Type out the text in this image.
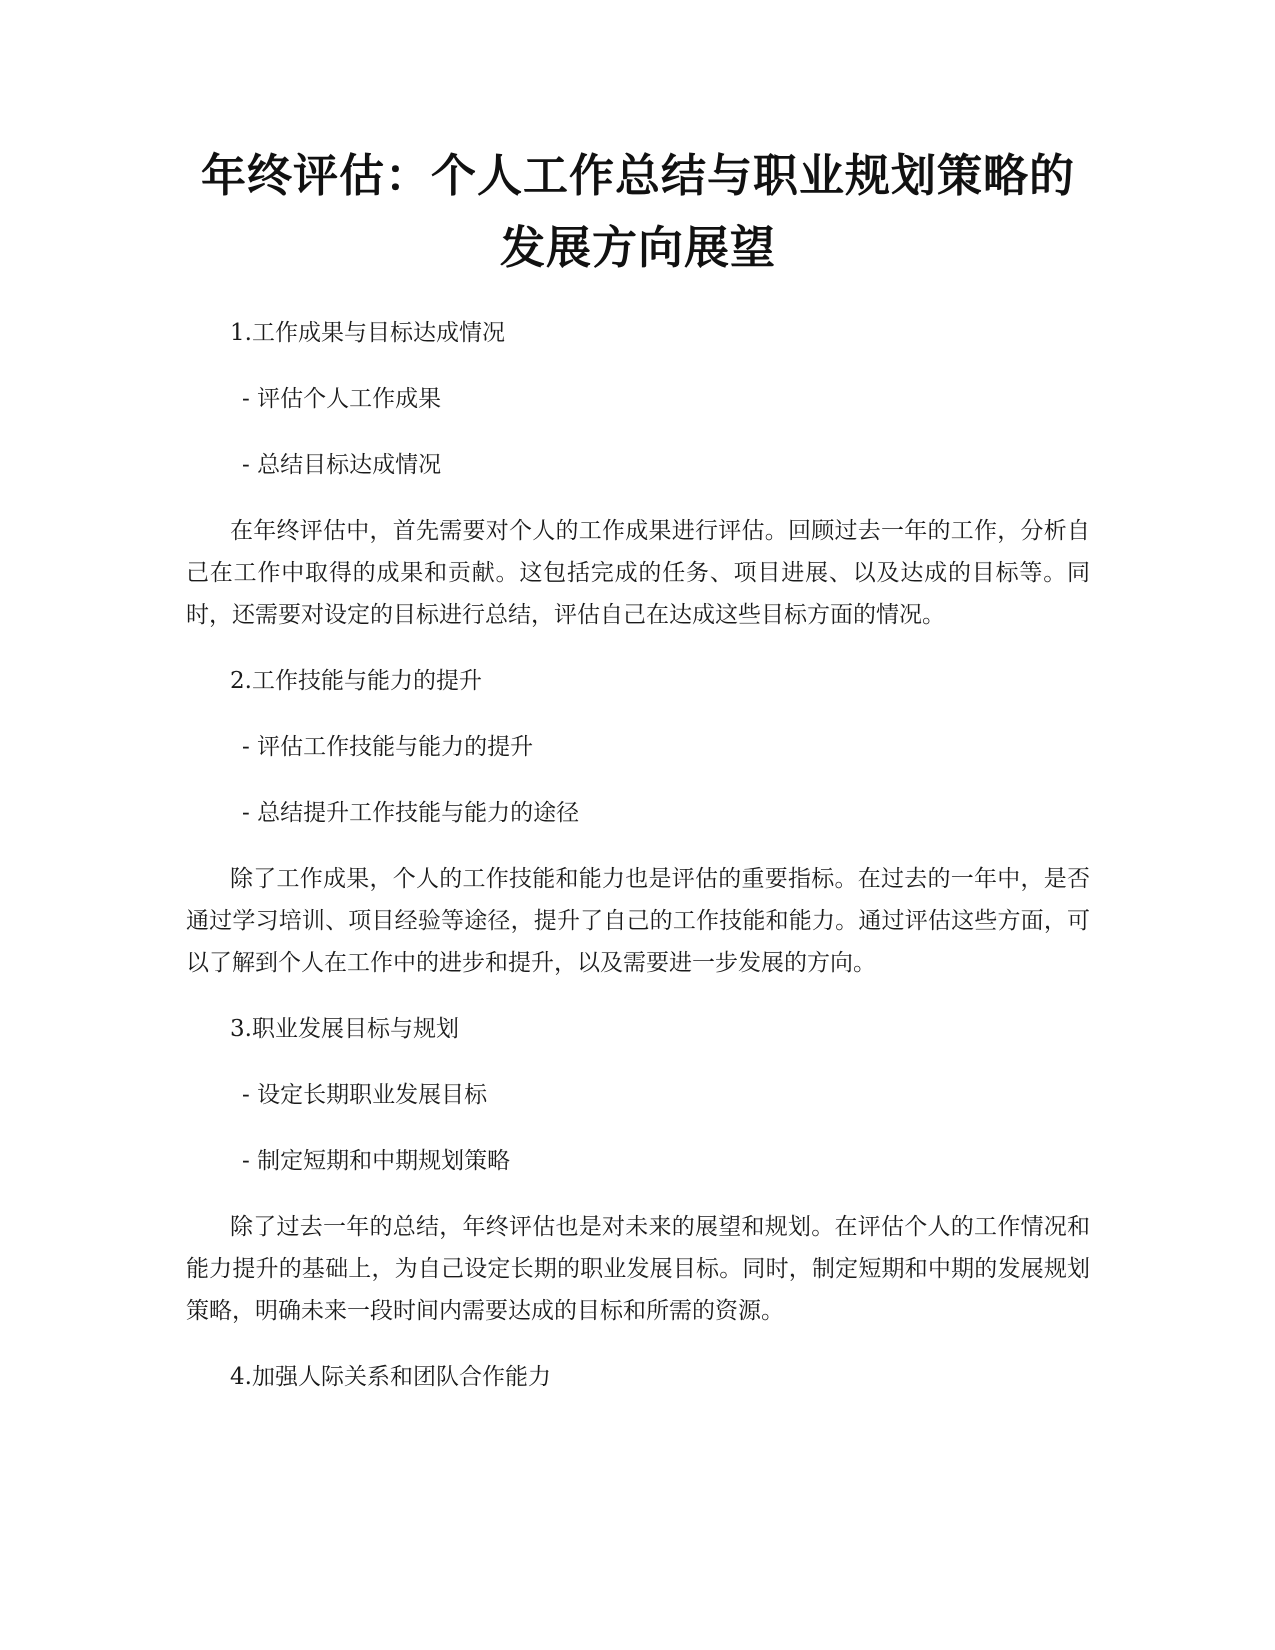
年终评估：个人工作总结与职业规划策略的
发展方向展望

1.工作成果与目标达成情况

- 评估个人工作成果

- 总结目标达成情况

在年终评估中，首先需要对个人的工作成果进行评估。回顾过去一年的工作，分析自己在工作中取得的成果和贡献。这包括完成的任务、项目进展、以及达成的目标等。同时，还需要对设定的目标进行总结，评估自己在达成这些目标方面的情况。

2.工作技能与能力的提升

- 评估工作技能与能力的提升

- 总结提升工作技能与能力的途径

除了工作成果，个人的工作技能和能力也是评估的重要指标。在过去的一年中，是否通过学习培训、项目经验等途径，提升了自己的工作技能和能力。通过评估这些方面，可以了解到个人在工作中的进步和提升，以及需要进一步发展的方向。

3.职业发展目标与规划

- 设定长期职业发展目标

- 制定短期和中期规划策略

除了过去一年的总结，年终评估也是对未来的展望和规划。在评估个人的工作情况和能力提升的基础上，为自己设定长期的职业发展目标。同时，制定短期和中期的发展规划策略，明确未来一段时间内需要达成的目标和所需的资源。

4.加强人际关系和团队合作能力
